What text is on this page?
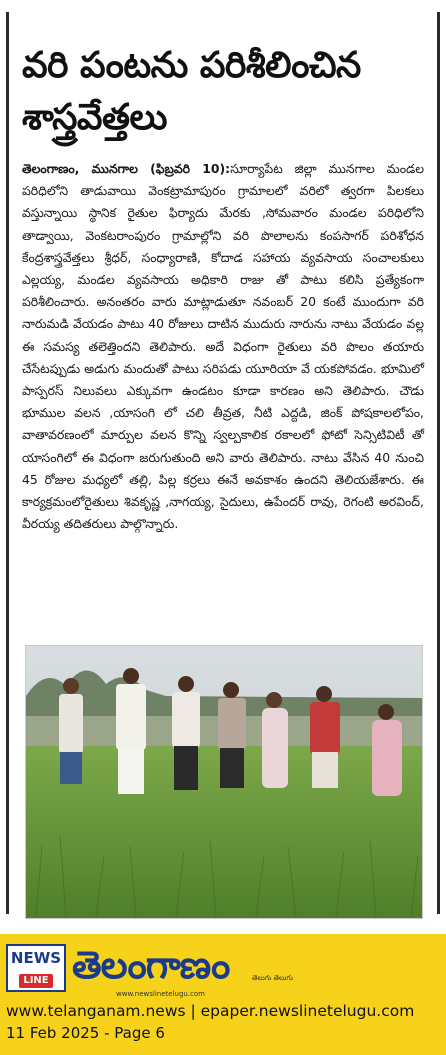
వరి పంటను పరిశీలించిన శాస్త్రవేత్తలు
తెలంగాణం, మునగాల (ఫిబ్రవరి 10):సూర్యాపేట జిల్లా మునగాల మండల పరిధిలోని తాడువాయి వెంకట్రామాపురం గ్రామాలలో వరిలో త్వరగా పిలకలు వస్తున్నాయి స్థానిక రైతుల ఫిర్యాదు మేరకు ,సోమవారం మండల పరిధిలోని తాడ్వాయి, వెంకటరాంపురం గ్రామాల్లోని వరి పొలాలను కంపసాగర్ పరిశోధన కేంద్రశాస్త్రవేత్తలు శ్రీధర్, సంధ్యారాణి, కోదాడ సహాయ వ్యవసాయ సంచాలకులు ఎల్లయ్య, మండల వ్యవసాయ అధికారి రాజు తో పాటు కలిసి ప్రత్యేకంగా పరిశీలించారు. అనంతరం వారు మాట్లాడుతూ నవంబర్ 20 కంటే ముందుగా వరి నారుమడి వేయడం పాటు 40 రోజులు దాటిన ముదురు నారును నాటు వేయడం వల్ల ఈ సమస్య తలెత్తిందని తెలిపారు. అదే విధంగా రైతులు వరి పొలం తయారు చేసేటప్పుడు అడుగు మందుతో పాటు సరిపడు యూరియా వే యకపోవడం. భూమిలో పాస్పరస్ నిలువలు ఎక్కువగా ఉండటం కూడా కారణం అని తెలిపారు. చౌడు భూముల వలన ,యాసంగి లో చలి తీవ్రత, నీటి ఎద్దడి, జింక్ పోషకాలలోపం, వాతావరణంలో మార్పుల వలన కొన్ని స్వల్పకాలిక రకాలలో ఫోటో సెన్సిటివిటీ తో యాసంగిలో ఈ విధంగా జరుగుతుంది అని వారు తెలిపారు. నాటు వేసిన 40 నుంచి 45 రోజుల మధ్యలో తల్లి, పిల్ల కర్రలు ఈనే అవకాశం ఉందని తెలియజేశారు. ఈ కార్యక్రమంలోరైతులు శివకృష్ణ ,నాగయ్య, సైదులు, ఉపేందర్ రావు, రెగంటి అరవింద్, వీరయ్య తదితరులు పాల్గొన్నారు.
NEWS
LINE తెలంగాణం
www.newslinetelugu.com
తెలుగు తెలుగు
www.telanganam.news | epaper.newslinetelugu.com
11 Feb 2025 - Page 6
